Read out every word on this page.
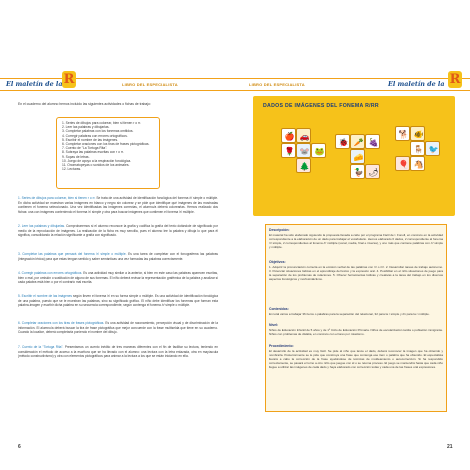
El maletín de la R	LIBRO DEL ESPECIALISTA
En el cuaderno del alumno hemos incluido las siguientes actividades o fichas de trabajo:
1. Series de dibujos para colorear, bien si tienen r o rr.
2. Leer las palabras y dibujarlas.
3. Completar palabras con los fonemas omitidos.
4. Corregir palabras con errores ortográficos.
5. Escribir el nombre de las imágenes.
6. Completar oraciones con los tiras de frases pictográficas.
7. Cuento de "La Tortuga Rita".
8. Subraya las palabras escritas con r o rr.
9. Sopas de letras.
10. Juego de apoyo a la respiración fonológica.
11. Onomatopeyas o sonidos de los animales.
12. Lecturas.
1. Series de dibujos para colorear, bien si tienen r o rr. Se trata de una actividad de identificación fonológica del fonema /r/ simple o múltiple. En dicha actividad se muestran varias imágenes en blanco y negro sin colorear y se pide que identifique qué imágenes de las mostradas contienen el fonema seleccionado. Una vez identificadas las imágenes correctas, el alumno/a deberá colorearlas. Hemos realizado dos fichas: una con imágenes conteniendo el fonema /r/ simple y otra para buscar imágenes que contienen el fonema /r/ múltiple.
2. Leer las palabras y dibujarlas. Comprobaremos si el alumno reconoce la grafía y codifica la grafía del texto dotándole de significado por medio de la reproducción de imágenes. La realización de la ficha es muy sencilla, pues el alumno lee la palabra y dibuja lo que para él significa, consolidando la relación significante a grafía con significado.
3. Completar las palabras que pensará del fonema /r/ simple o múltiple. Es una tarea de completar con el fonografema las palabras (integración léxica) para que estas tengan sentido y saber semánticas una vez formadas las palabras correctamente.
4. Corregir palabras con errores ortográficos. Es una actividad muy similar a la anterior, si bien en este caso las palabras aparecen escritas, bien o mal, por omisión o sustitución de alguno de sus fonemas. El niño deberá revisar la representación grafémica de la palabra y analizar si cada palabra está bien o por el contrario mal escrita.
5. Escribir el nombre de las imágenes según lleven el fonema /r/ en su forma simple o múltiple. Es una actividad de identificación fonológica de una palabra, puesto que se le muestran las palabras, sino su significado gráfico. El niño debe identificar los fonemas que forman esta palabra-imagen y escribir dicha palabra en su secuencia correspondiente, según contenga el fonema /r/ simple o múltiple.
6. Completar oraciones con los tiras de frases pictográficas. Es una actividad de razonamiento, percepción visual y de discriminación de la información. El alumno/a deberá buscar la tira de frase pictográfica que mejor concuerde con la frase multiselda que tiene en su cuaderno. Cuando la localice, deberá completarla poniendo el nombre del dibujo.
7. Cuento de la "Tortuga Rita". Presentamos un cuento inédito de tres maneras diferentes con el fin de facilitar su lectura, teniendo en consideración el método de acceso a la escritura que se ha llevado con el alumno: una lectura con la letra enlazada, otra en mayúscula (método constructivismo) y otra con elementos pictográficos para animar a la lectura a los que se están iniciando en ella.
6
LIBRO DEL ESPECIALISTA	El maletín de la R
DADOS DE IMÁGENES DEL FONEMA R/RR
🍎 🚗
🌹 🐭 🐸
🌲
🐞 🥕 🍇
🧀
🦆 🌶
🐕 🐠
🪑 🐦
🐴
🎈
Descripción:
El material ha sido elaborado siguiendo la propuesta llevada a cabo por el programa Fácil de l. Fonoll, en concreto en la actividad correspondiente a la elaboración de un dado para trabajar el vocabulario. Hemos elaborado 6 dados, 2 correspondiente al fonema /r/ simple, 2 correspondientes al fonema /r/ múltiple (sonal, media, final e inversa), y uno más que contiene palabras con /r/ simple y múltiple.
Objetivos:
1. Adquirir la pronunciación correcta en la emisión verbal de las palabras con /r/ o /rr/. 2. Desarrollar tareas de trabajo autónomo. 3. Potenciar situaciones lúdicas en el aprendizaje del léxico y la expresión oral. 4. Posibilitar en el niño situaciones de juego para la separación de los problemas de relaciones. 5. Ofrecer herramientas lúdicas y creativas a la tarea del trabajo en los diversos aspectos fonológicos y morfosintácticos.
Contenidos:
En total varios a trabajar 36 ítems o palabras para la separación del relacionar, 32 para la r simple y 21 para la r múltiple.
Nivel:
Niños de Educación Infantil de 5 años y de 1º Ciclo de Educación Primaria. Niños de escolarización tardía o población inmigrante. Niños con problemas de dislalia, en concreto con errores por rotacismo.
Procedimiento:
El desarrollo de la actividad es muy fácil. Se pide al niño que lance el dado, deberá reconocer la imagen que ha obtenido y nombrarla. Posteriormente se le pide que construya una frase que contenga ese ítem o palabra que ha obtenido. El especialista llevará a cabo la corrección de la frase ayudándose de técnicas de moldeamiento o autocorrección. Si ha respondido correctamente, se pasará el turno a otro niño que juegue con él o se retoma proceso. El juego se mantendrá hasta que cada niño llegue a utilizar las imágenes de cada dado y haya elaborado con corrección todas y cada una de las frases oral expresiones.
21
